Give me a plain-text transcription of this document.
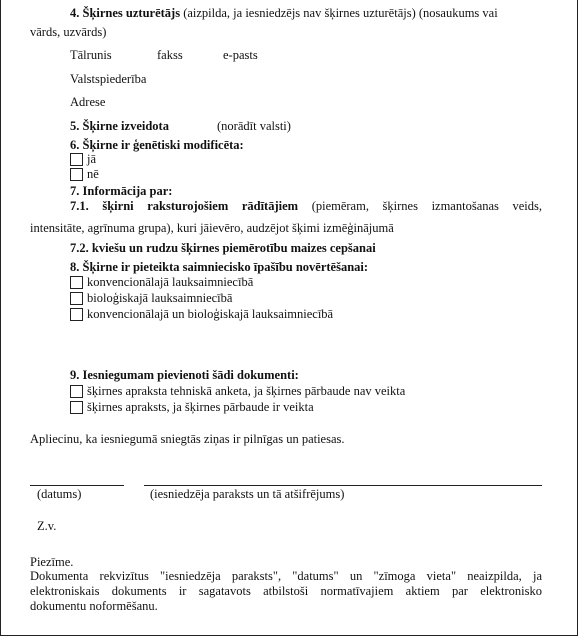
4. Šķirnes uzturētājs (aizpilda, ja iesniedzējs nav šķirnes uzturētājs) (nosaukums vai
vārds, uzvārds)
Tālrunis	fakss	e-pasts
Valstspiederība
Adrese
5. Šķirne izveidota	(norādīt valsti)
6. Šķirne ir ģenētiski modificēta:
jā
nē
7. Informācija par:
7.1. šķirni raksturojošiem rādītājiem (piemēram, šķirnes izmantošanas veids,
intensitāte, agrīnuma grupa), kuri jāievēro, audzējot šķimi izmēģinājumā
7.2. kviešu un rudzu šķirnes piemērotību maizes cepšanai
8. Šķirne ir pieteikta saimnieciskо īpašību novērtēšanai:
konvencionālajā lauksaimniecībā
bioloģiskajā lauksaimniecībā
konvencionālajā un bioloģiskajā lauksaimniecībā
9. Iesniegumam pievienoti šādi dokumenti:
šķirnes apraksta tehniskā anketa, ja šķirnes pārbaude nav veikta
šķirnes apraksts, ja šķirnes pārbaude ir veikta
Apliecinu, ka iesniegumā sniegtās ziņas ir pilnīgas un patiesas.
(datums)	(iesniedzēja paraksts un tā atšifrējums)
Z.v.
Piezīme.
Dokumenta rekvizītus "iesniedzēja paraksts", "datums" un "zīmoga vieta" neaizpilda, ja
elektroniskais dokuments ir sagatavots atbilstoši normatīvajiem aktiem par elektronisko
dokumentu noformēšanu.
